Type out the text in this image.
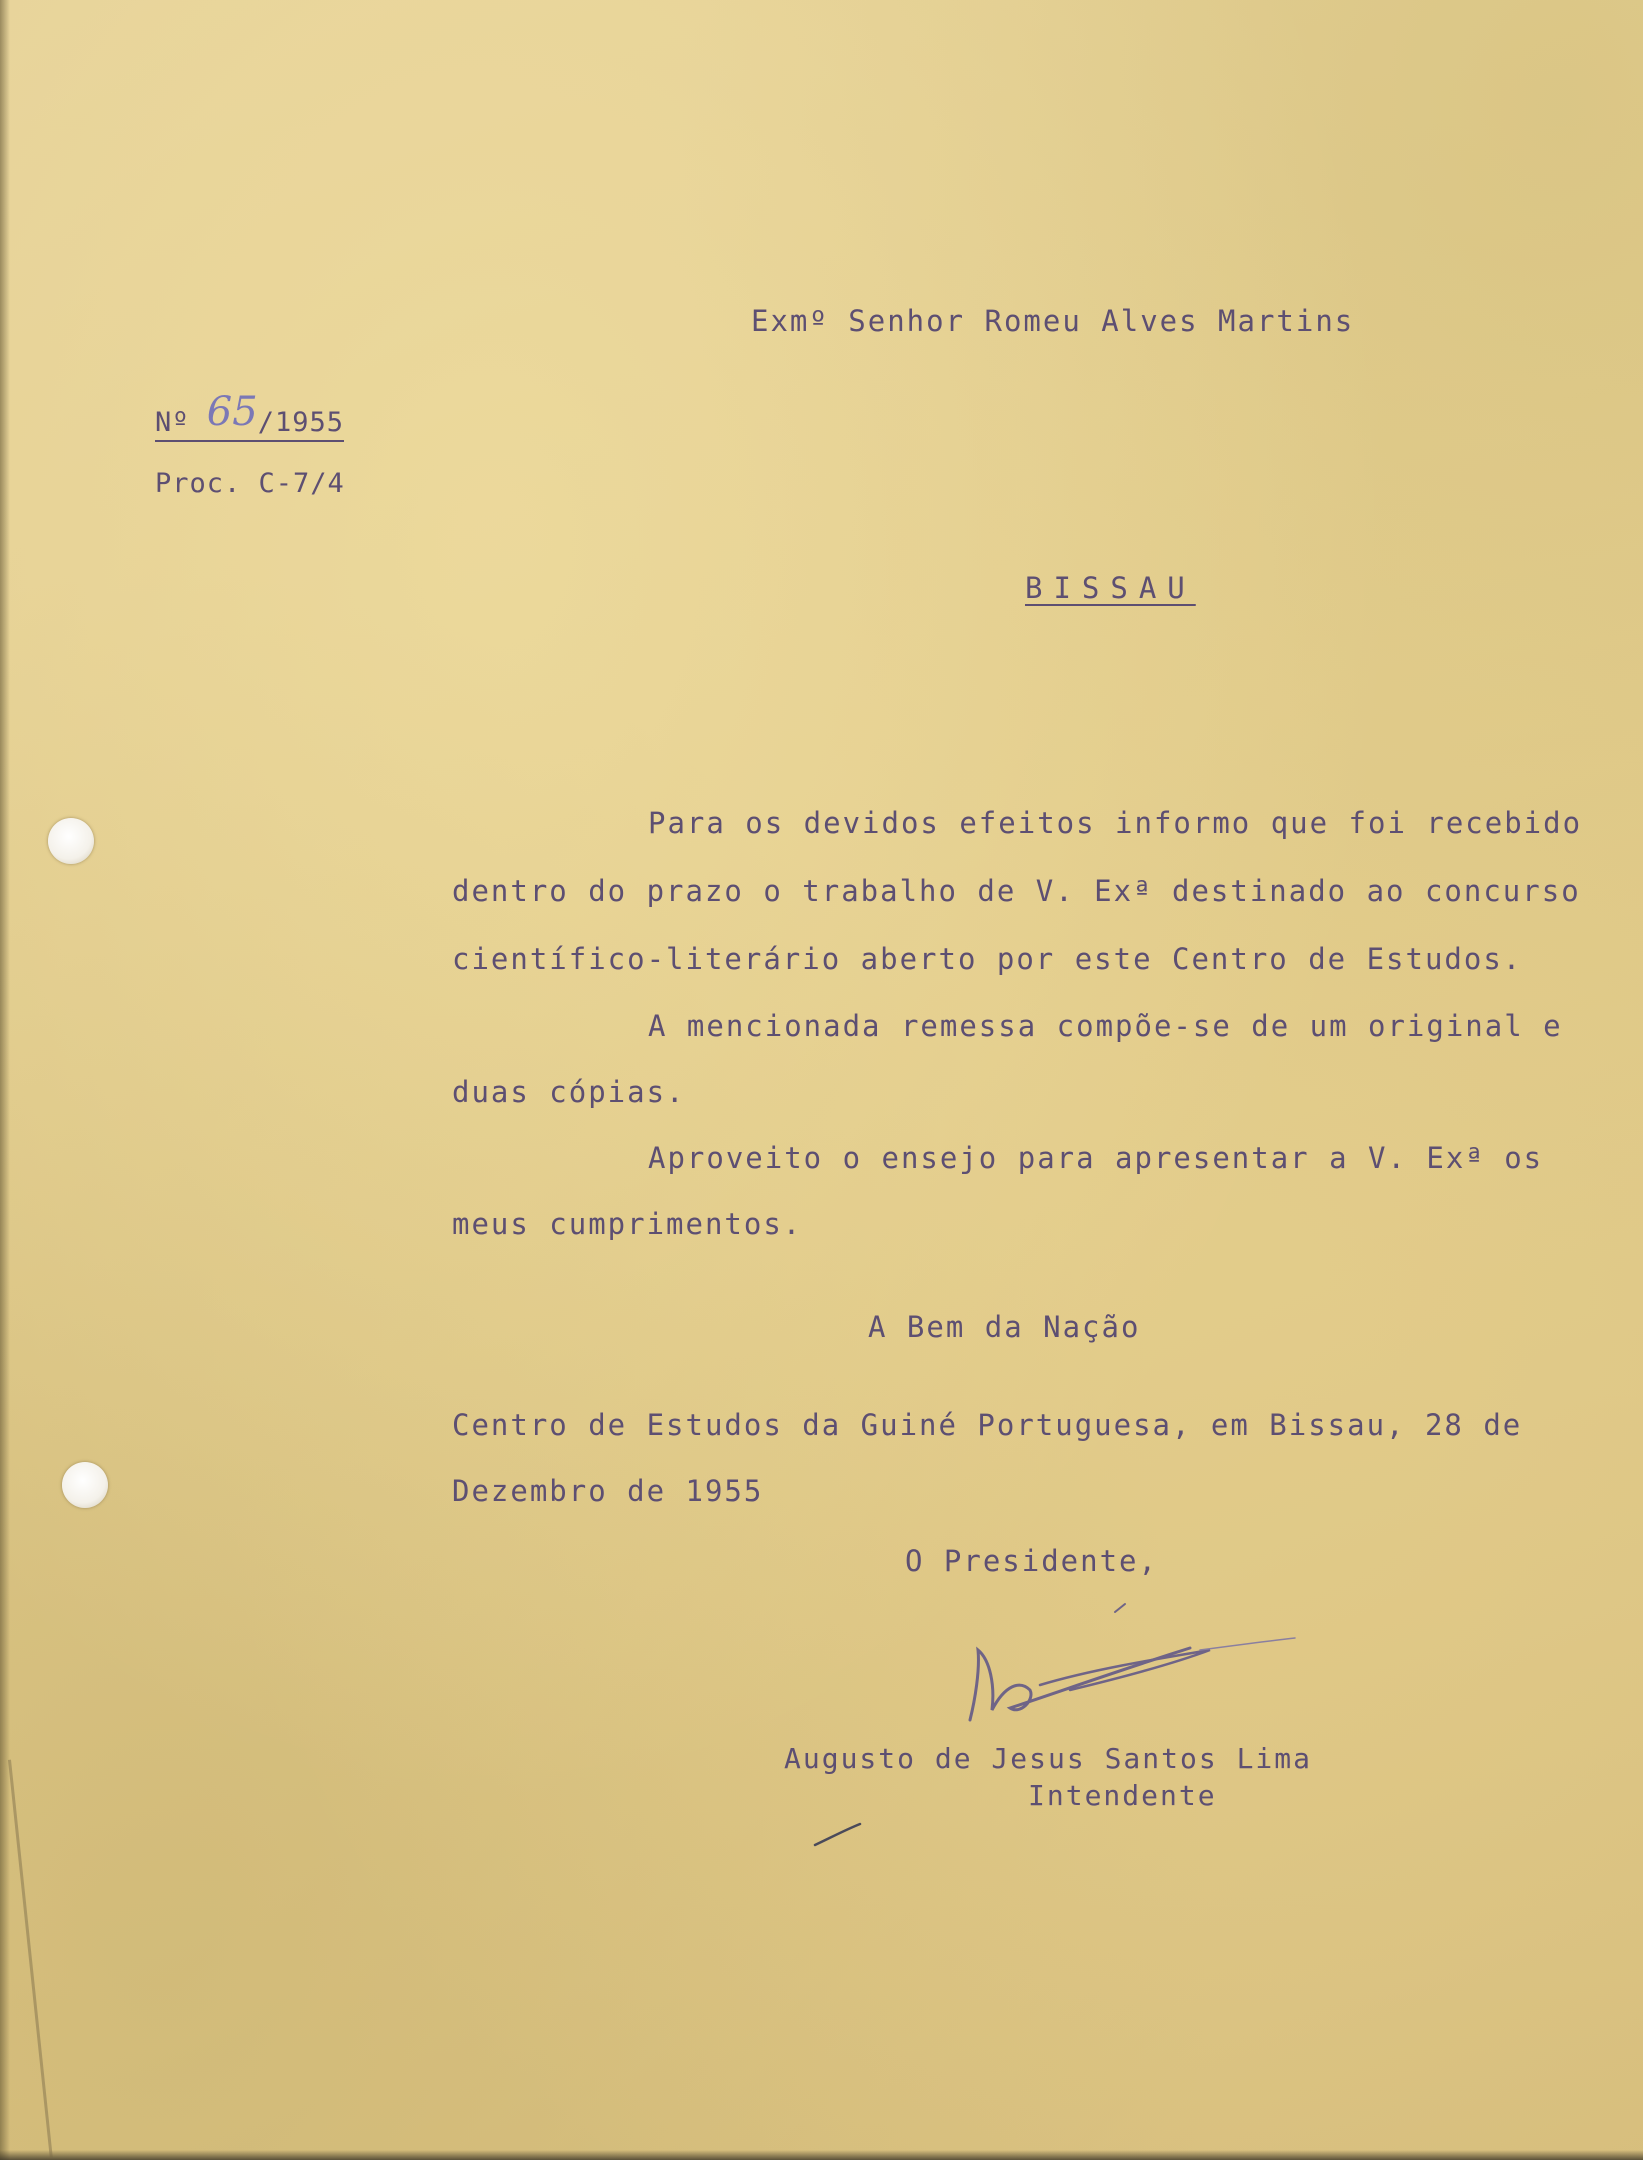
Exmº Senhor Romeu Alves Martins
Nº 65/1955
Proc. C-7/4
BISSAU
Para os devidos efeitos informo que foi recebido
dentro do prazo o trabalho de V. Exª destinado ao concurso
científico-literário aberto por este Centro de Estudos.
A mencionada remessa compõe-se de um original e
duas cópias.
Aproveito o ensejo para apresentar a V. Exª os
meus cumprimentos.
A Bem da Nação
Centro de Estudos da Guiné Portuguesa, em Bissau, 28 de
Dezembro de 1955
O Presidente,
Augusto de Jesus Santos Lima
Intendente
